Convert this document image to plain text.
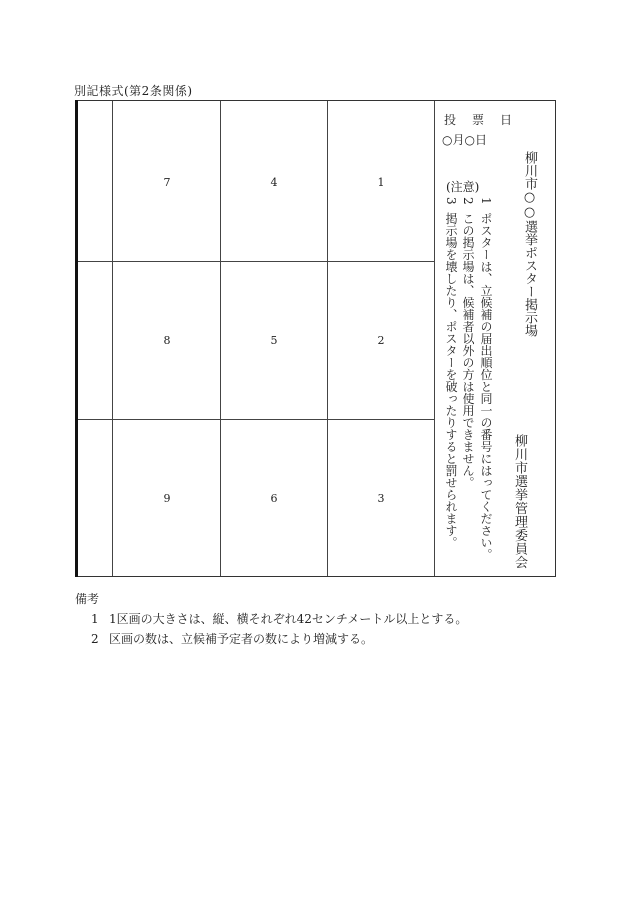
別記様式(第2条関係)
7	4	1
8	5	2
9	6	3
投　票　日
○月○日
(注意)
3  掲示場を壊したり、ポスターを破ったりすると罰せられます。
2  この掲示場は、候補者以外の方は使用できません。
1  ポスターは、立候補の届出順位と同一の番号にはってください。 柳川市○○選挙ポスター掲示場
柳川市選挙管理委員会
備考
1 1区画の大きさは、縦、横それぞれ42センチメートル以上とする。
2 区画の数は、立候補予定者の数により増減する。
